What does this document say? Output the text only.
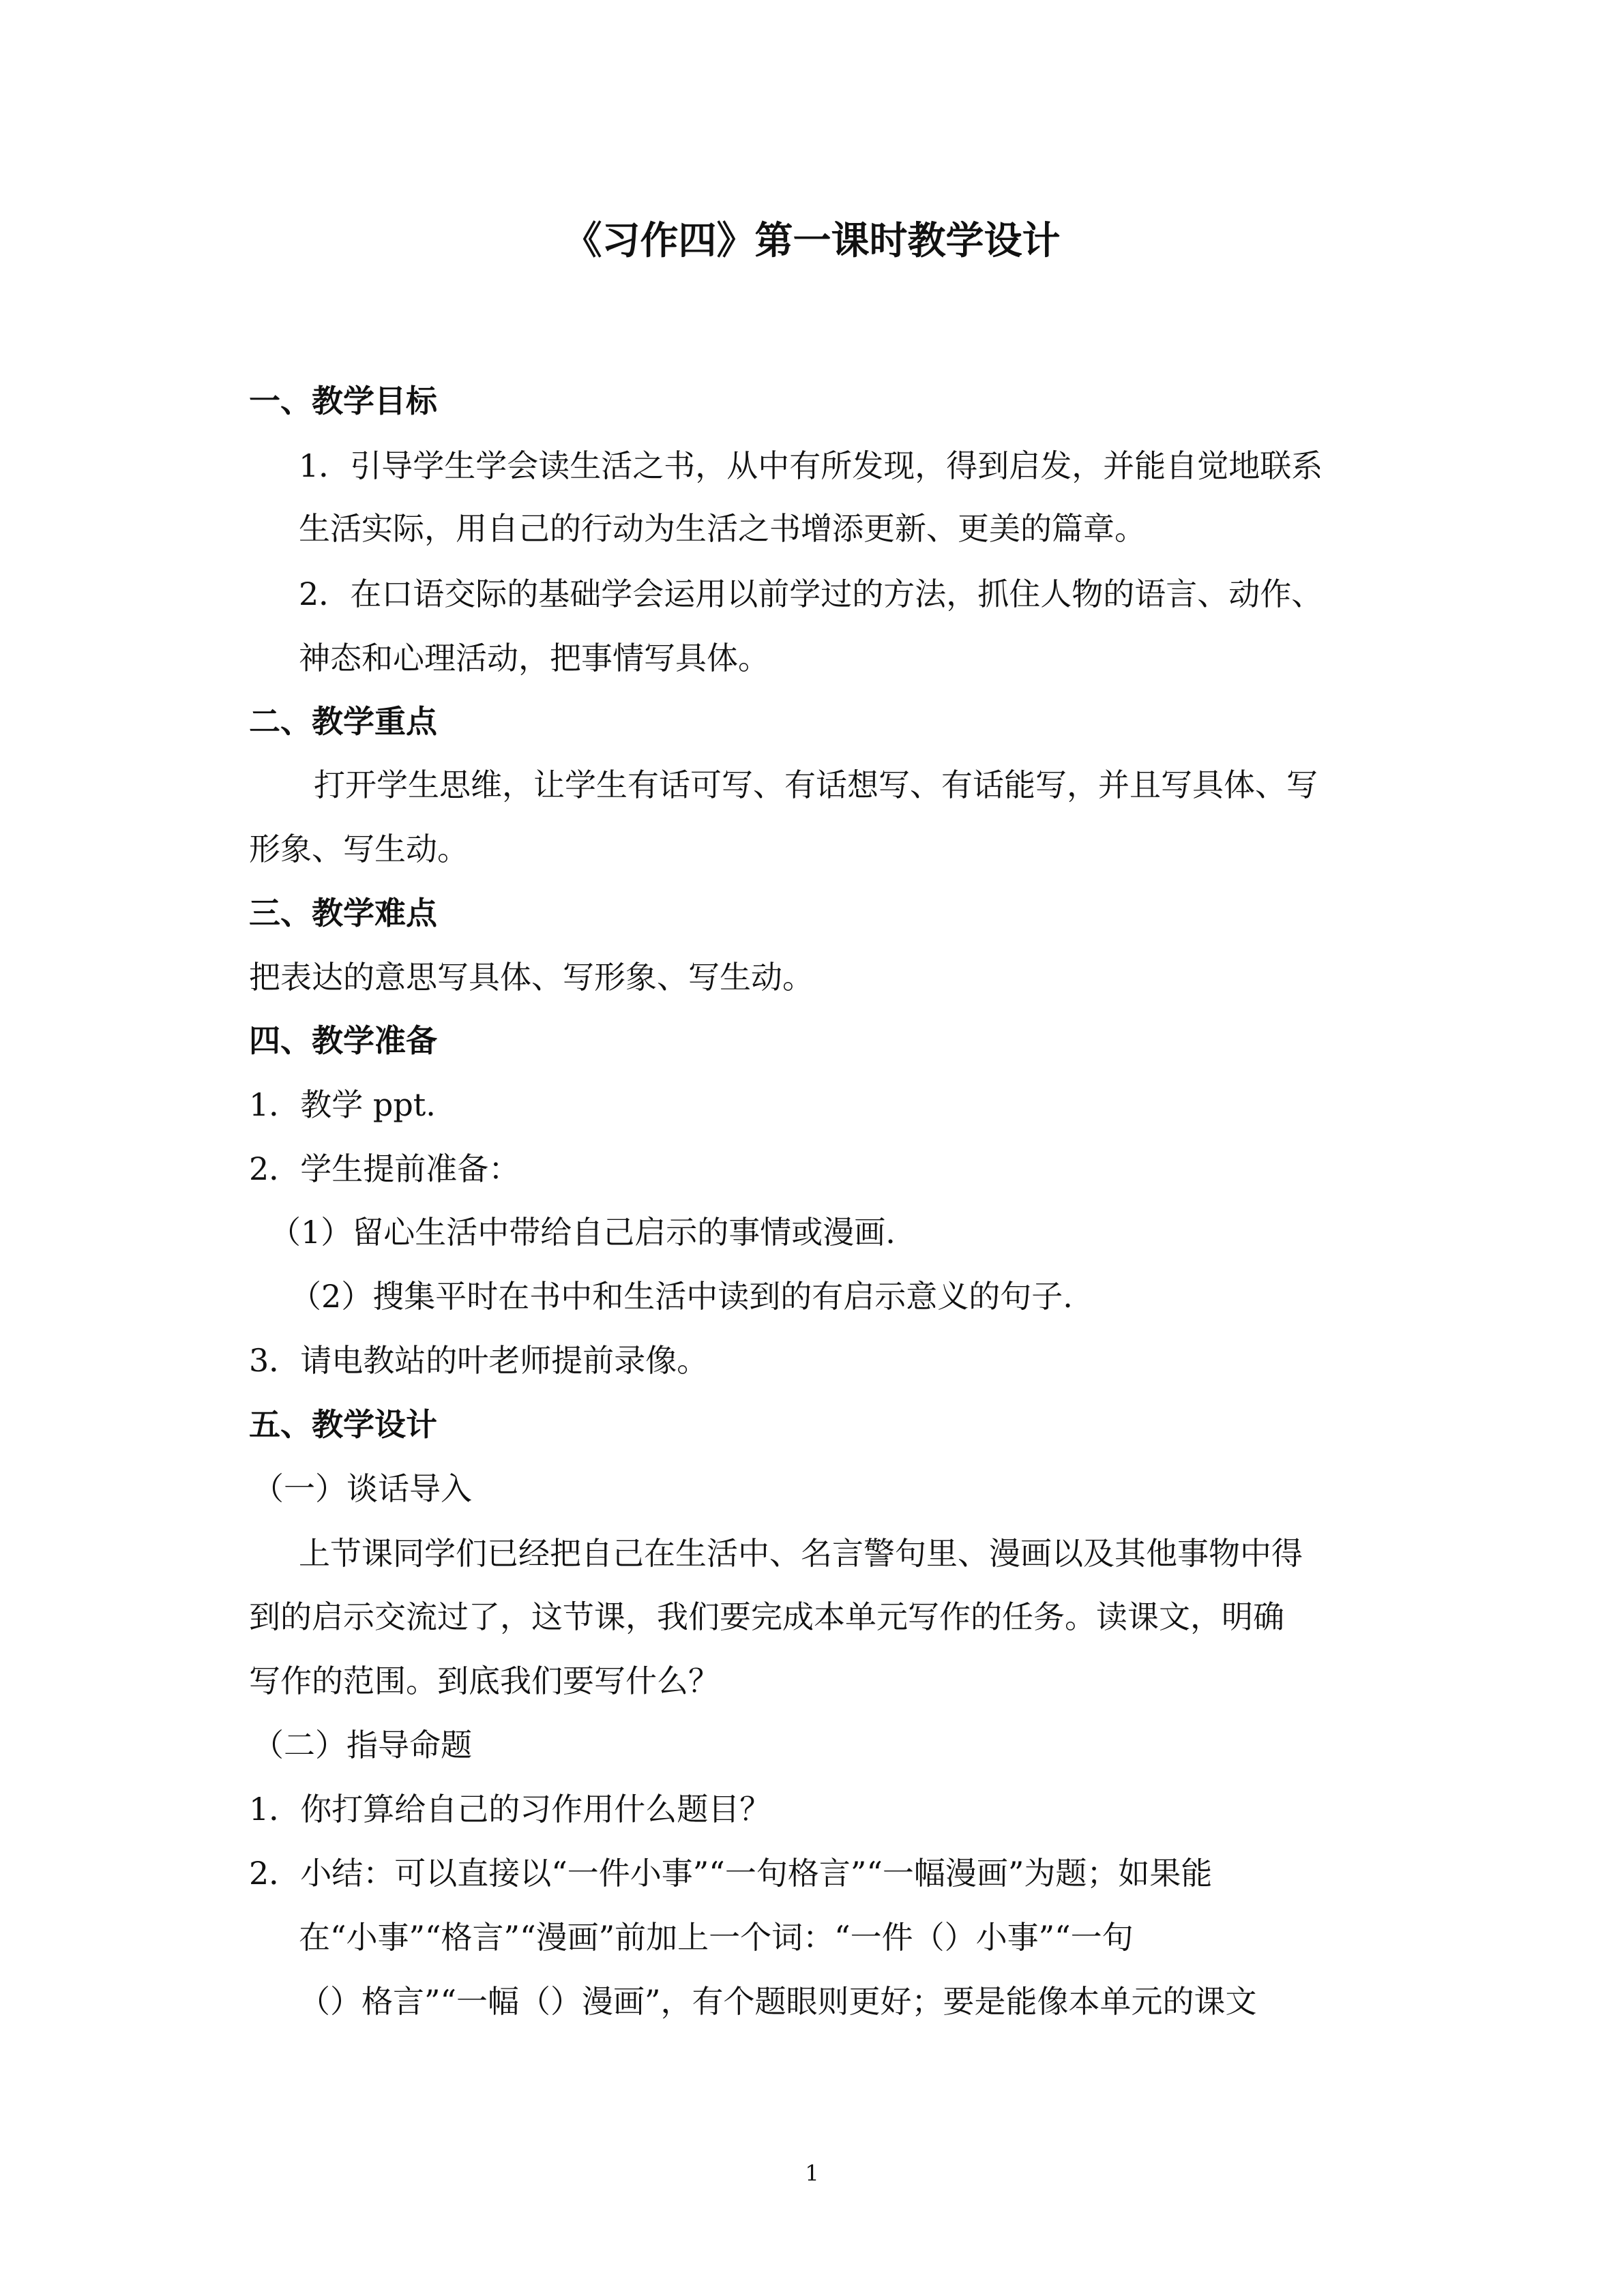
《习作四》第一课时教学设计
一、教学目标
1．引导学生学会读生活之书，从中有所发现，得到启发，并能自觉地联系
生活实际，用自己的行动为生活之书增添更新、更美的篇章。
2．在口语交际的基础学会运用以前学过的方法，抓住人物的语言、动作、
神态和心理活动，把事情写具体。
二、教学重点
打开学生思维，让学生有话可写、有话想写、有话能写，并且写具体、写
形象、写生动。
三、教学难点
把表达的意思写具体、写形象、写生动。
四、教学准备
1．教学 ppt.
2．学生提前准备：
（1）留心生活中带给自己启示的事情或漫画.
（2）搜集平时在书中和生活中读到的有启示意义的句子.
3．请电教站的叶老师提前录像。
五、教学设计
（一）谈话导入
上节课同学们已经把自己在生活中、名言警句里、漫画以及其他事物中得
到的启示交流过了，这节课，我们要完成本单元写作的任务。读课文，明确
写作的范围。到底我们要写什么？
（二）指导命题
1．你打算给自己的习作用什么题目？
2．小结：可以直接以“一件小事”“一句格言”“一幅漫画”为题；如果能
在“小事”“格言”“漫画”前加上一个词：“一件（）小事”“一句
（）格言”“一幅（）漫画”，有个题眼则更好；要是能像本单元的课文
1
